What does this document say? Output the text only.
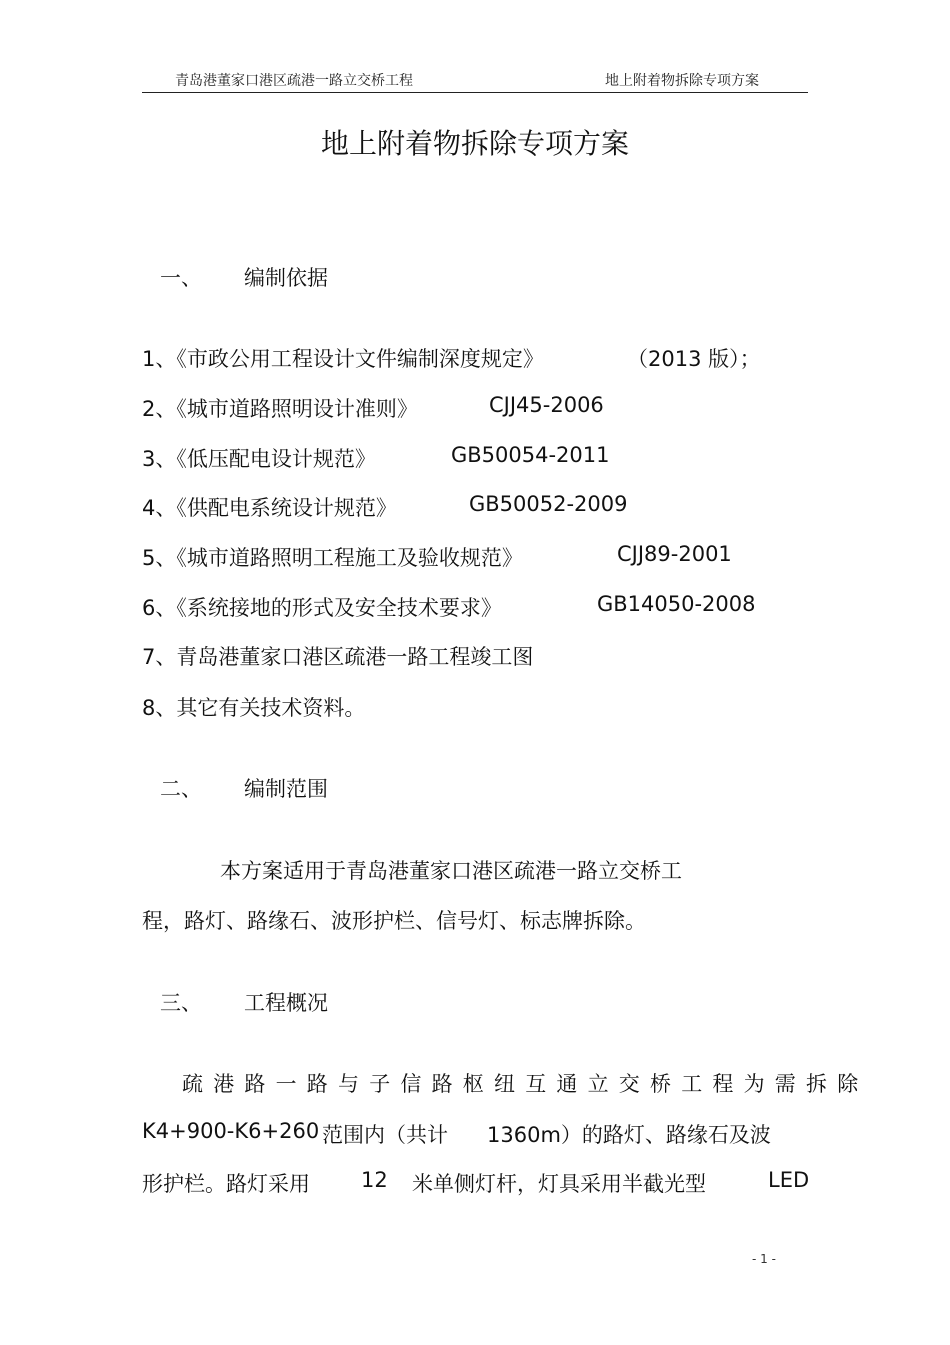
青岛港董家口港区疏港一路立交桥工程	地上附着物拆除专项方案
地上附着物拆除专项方案
一、 编制依据
1、《市政公用工程设计文件编制深度规定》	（2013 版）；
2、《城市道路照明设计准则》	CJJ45-2006
3、《低压配电设计规范》	GB50054-2011
4、《供配电系统设计规范》	GB50052-2009
5、《城市道路照明工程施工及验收规范》	CJJ89-2001
6、《系统接地的形式及安全技术要求》	GB14050-2008
7、青岛港董家口港区疏港一路工程竣工图
8、其它有关技术资料。
二、 编制范围
本方案适用于青岛港董家口港区疏港一路立交桥工
程，路灯、路缘石、波形护栏、信号灯、标志牌拆除。
三、 工程概况
疏港路一路与子信路枢纽互通立交桥工程为需拆除
K4+900-K6+260 范围内（共计 1360m）的路灯、路缘石及波
形护栏。路灯采用 12 米单侧灯杆，灯具采用半截光型	LED
- 1 -
